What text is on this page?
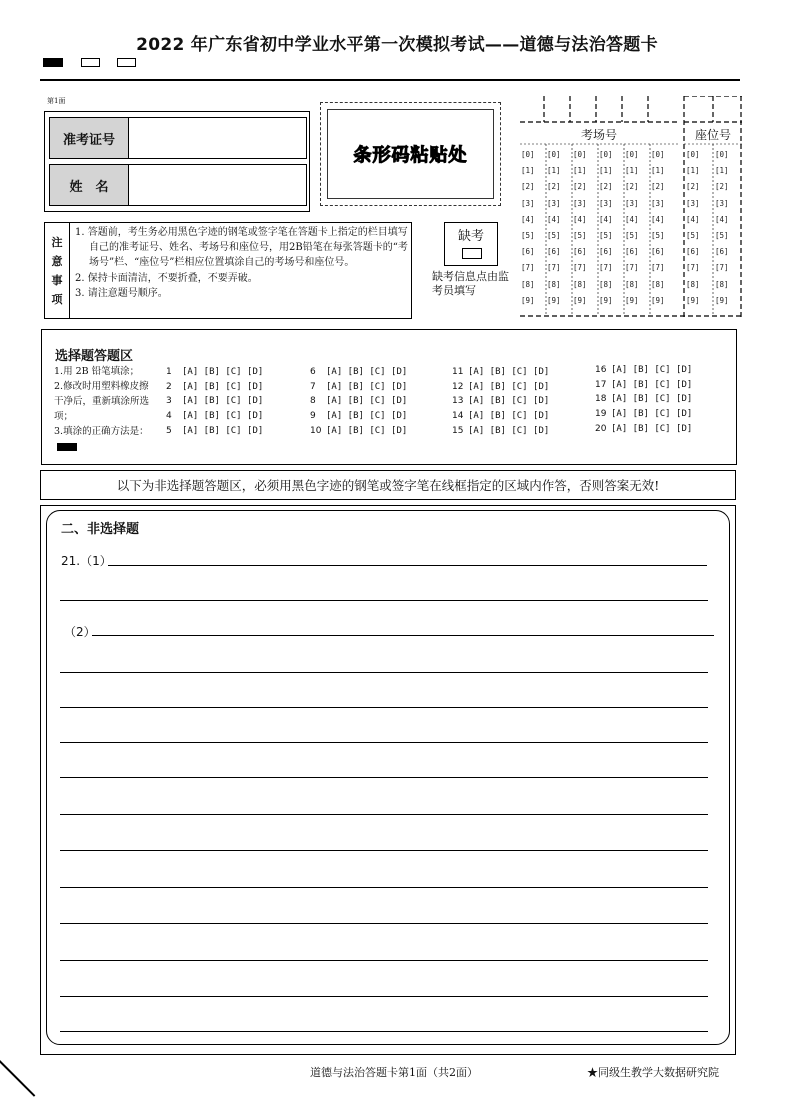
2022 年广东省初中学业水平第一次模拟考试——道德与法治答题卡
第1面
准考证号
姓　名
条形码粘贴处
注
意
事
项
1. 答题前，考生务必用黑色字迹的钢笔或签字笔在答题卡上指定的栏目填写自己的准考证号、姓名、考场号和座位号，用2B铅笔在每张答题卡的“考场号”栏、“座位号”栏相应位置填涂自己的考场号和座位号。
2. 保持卡面清洁，不要折叠，不要弄破。
3. 请注意题号顺序。
缺考
缺考信息点由监考员填写
考场号	座位号
[0]
[1]
[2]
[3]
[4]
[5]
[6]
[7]
[8]
[9]
[0]
[1]
[2]
[3]
[4]
[5]
[6]
[7]
[8]
[9]
[0]
[1]
[2]
[3]
[4]
[5]
[6]
[7]
[8]
[9]
[0]
[1]
[2]
[3]
[4]
[5]
[6]
[7]
[8]
[9]
[0]
[1]
[2]
[3]
[4]
[5]
[6]
[7]
[8]
[9]
[0]
[1]
[2]
[3]
[4]
[5]
[6]
[7]
[8]
[9]
[0]
[1]
[2]
[3]
[4]
[5]
[6]
[7]
[8]
[9]
[0]
[1]
[2]
[3]
[4]
[5]
[6]
[7]
[8]
[9]
选择题答题区
1.用 2B 铅笔填涂；
2.修改时用塑料橡皮擦干净后，重新填涂所选项；
3.填涂的正确方法是：
1 [A] [B] [C] [D]
2 [A] [B] [C] [D]
3 [A] [B] [C] [D]
4 [A] [B] [C] [D]
5 [A] [B] [C] [D]
6 [A] [B] [C] [D]
7 [A] [B] [C] [D]
8 [A] [B] [C] [D]
9 [A] [B] [C] [D]
10 [A] [B] [C] [D]
11 [A] [B] [C] [D]
12 [A] [B] [C] [D]
13 [A] [B] [C] [D]
14 [A] [B] [C] [D]
15 [A] [B] [C] [D]
16 [A] [B] [C] [D]
17 [A] [B] [C] [D]
18 [A] [B] [C] [D]
19 [A] [B] [C] [D]
20 [A] [B] [C] [D]
以下为非选择题答题区，必须用黑色字迹的钢笔或签字笔在线框指定的区域内作答，否则答案无效!
二、非选择题
21.（1）
（2）
道德与法治答题卡第1面（共2面）	★同级生教学大数据研究院
